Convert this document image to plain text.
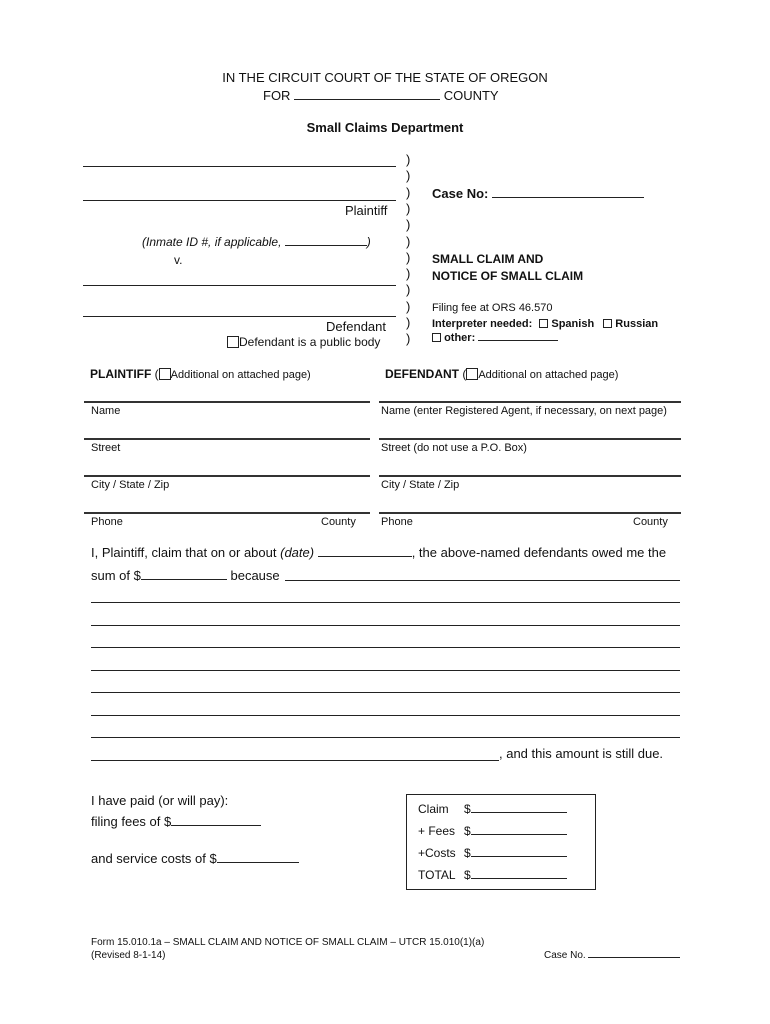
IN THE CIRCUIT COURT OF THE STATE OF OREGON
FOR	COUNTY
Small Claims Department
Plaintiff
(Inmate ID #, if applicable,	)
v.
Defendant
Defendant is a public body
)
)
)
)
)
)
)
)
)
)
)
)
Case No:
SMALL CLAIM AND
NOTICE OF SMALL CLAIM
Filing fee at ORS 46.570
Interpreter needed: Spanish Russian
other:
PLAINTIFF ( Additional on attached page)	DEFENDANT ( Additional on attached page)
Name	Name (enter Registered Agent, if necessary, on next page)
Street	Street (do not use a P.O. Box)
City / State / Zip	City / State / Zip
Phone	County Phone	County
I, Plaintiff, claim that on or about (date)	, the above-named defendants owed me the
sum of $	because
, and this amount is still due.
I have paid (or will pay):
filing fees of $
and service costs of $
Claim $
+ Fees $
+Costs $
TOTAL $
Form 15.010.1a – SMALL CLAIM AND NOTICE OF SMALL CLAIM – UTCR 15.010(1)(a)
(Revised 8-1-14)	Case No.
